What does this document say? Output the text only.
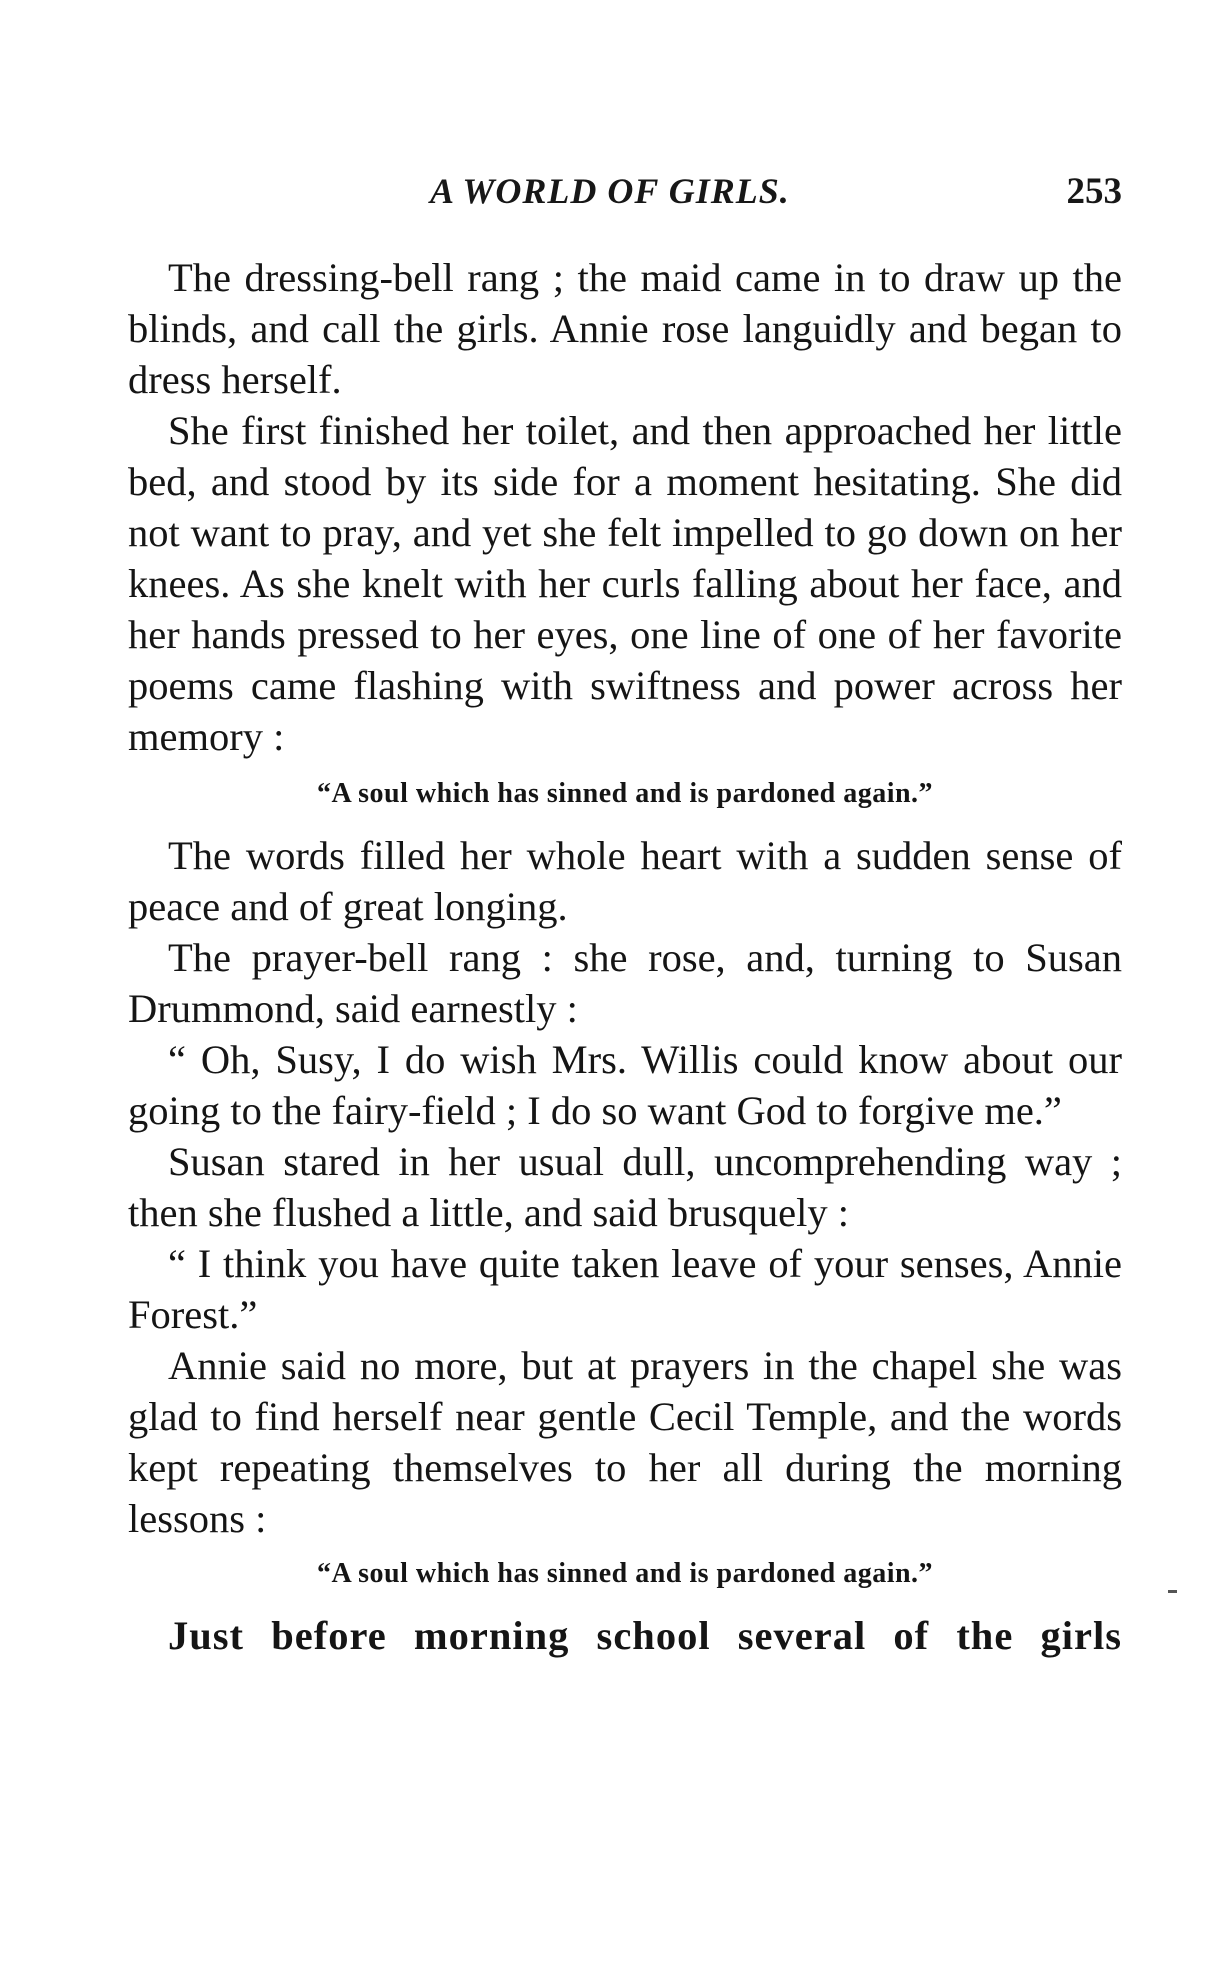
A WORLD OF GIRLS.	253

The dressing-bell rang ; the maid came in to draw up the blinds, and call the girls. Annie rose languidly and began to dress herself.

She first finished her toilet, and then approached her little bed, and stood by its side for a moment hesitating. She did not want to pray, and yet she felt impelled to go down on her knees. As she knelt with her curls falling about her face, and her hands pressed to her eyes, one line of one of her favorite poems came flashing with swiftness and power across her memory :

“A soul which has sinned and is pardoned again.”

The words filled her whole heart with a sudden sense of peace and of great longing.

The prayer-bell rang : she rose, and, turning to Susan Drummond, said earnestly :

“ Oh, Susy, I do wish Mrs. Willis could know about our going to the fairy-field ; I do so want God to forgive me.”

Susan stared in her usual dull, uncomprehending way ; then she flushed a little, and said brusquely :

“ I think you have quite taken leave of your senses, Annie Forest.”

Annie said no more, but at prayers in the chapel she was glad to find herself near gentle Cecil Temple, and the words kept repeating themselves to her all during the morning lessons :

“A soul which has sinned and is pardoned again.”

Just before morning school several of the girls
